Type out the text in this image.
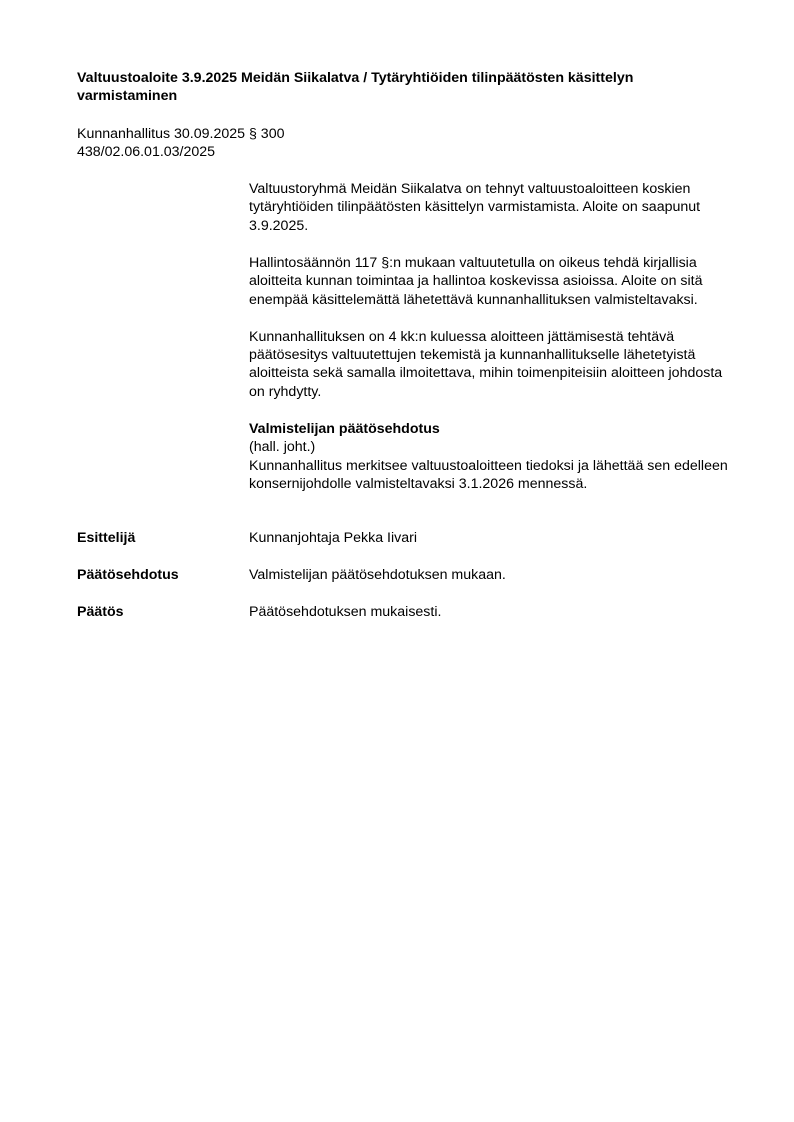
Valtuustoaloite 3.9.2025 Meidän Siikalatva / Tytäryhtiöiden tilinpäätösten käsittelyn varmistaminen
Kunnanhallitus 30.09.2025 § 300
438/02.06.01.03/2025

Valtuustoryhmä Meidän Siikalatva on tehnyt valtuustoaloitteen koskien tytäryhtiöiden tilinpäätösten käsittelyn varmistamista. Aloite on saapunut 3.9.2025.

Hallintosäännön 117 §:n mukaan valtuutetulla on oikeus tehdä kirjallisia aloitteita kunnan toimintaa ja hallintoa koskevissa asioissa. Aloite on sitä enempää käsittelemättä lähetettävä kunnanhallituksen valmisteltavaksi.

Kunnanhallituksen on 4 kk:n kuluessa aloitteen jättämisestä tehtävä päätösesitys valtuutettujen tekemistä ja kunnanhallitukselle lähetetyistä aloitteista sekä samalla ilmoitettava, mihin toimenpiteisiin aloitteen johdosta on ryhdytty.

Valmistelijan päätösehdotus

(hall. joht.)

Kunnanhallitus merkitsee valtuustoaloitteen tiedoksi ja lähettää sen edelleen konsernijohdolle valmisteltavaksi 3.1.2026 mennessä.

Esittelijä	Kunnanjohtaja Pekka Iivari
Päätösehdotus	Valmistelijan päätösehdotuksen mukaan.
Päätös	Päätösehdotuksen mukaisesti.
